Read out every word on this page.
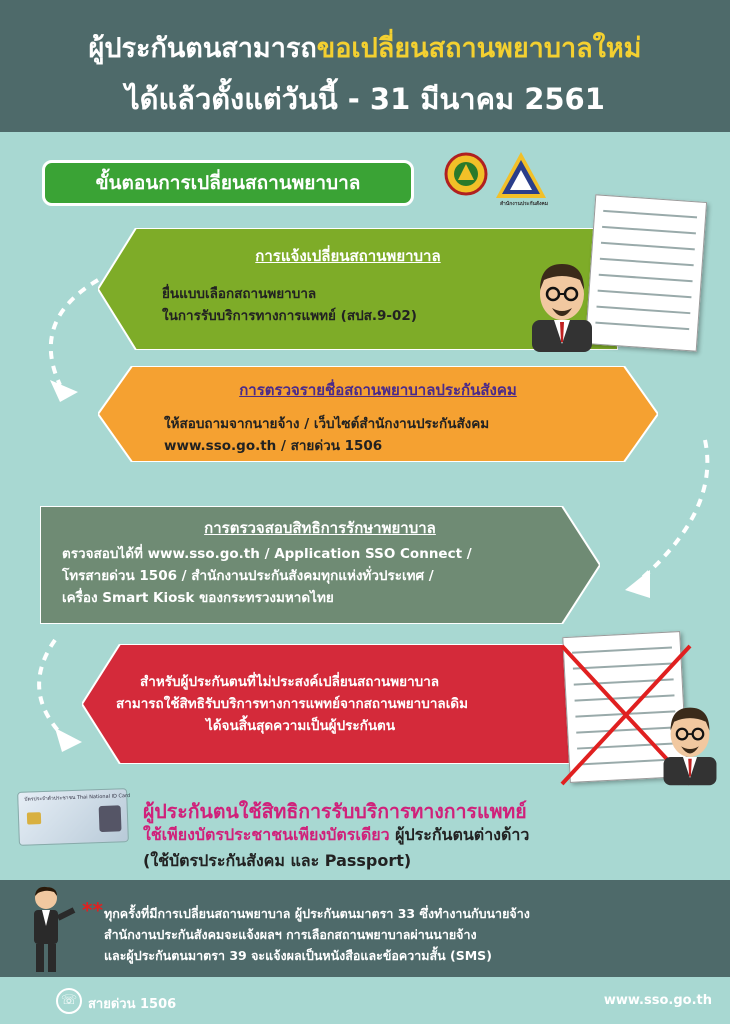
ผู้ประกันตนสามารถขอเปลี่ยนสถานพยาบาลใหม่
ได้แล้วตั้งแต่วันนี้ - 31 มีนาคม 2561
ขั้นตอนการเปลี่ยนสถานพยาบาล
สำนักงานประกันสังคม
การแจ้งเปลี่ยนสถานพยาบาล
ยื่นแบบเลือกสถานพยาบาล
ในการรับบริการทางการแพทย์ (สปส.9-02)
การตรวจรายชื่อสถานพยาบาลประกันสังคม
ให้สอบถามจากนายจ้าง / เว็บไซต์สำนักงานประกันสังคม
www.sso.go.th / สายด่วน 1506
การตรวจสอบสิทธิการรักษาพยาบาล
ตรวจสอบได้ที่ www.sso.go.th / Application SSO Connect /
โทรสายด่วน 1506 / สำนักงานประกันสังคมทุกแห่งทั่วประเทศ /
เครื่อง Smart Kiosk ของกระทรวงมหาดไทย
สำหรับผู้ประกันตนที่ไม่ประสงค์เปลี่ยนสถานพยาบาล
สามารถใช้สิทธิรับบริการทางการแพทย์จากสถานพยาบาลเดิม
ได้จนสิ้นสุดความเป็นผู้ประกันตน
บัตรประจำตัวประชาชน Thai National ID Card
ผู้ประกันตนใช้สิทธิการรับบริการทางการแพทย์
ใช้เพียงบัตรประชาชนเพียงบัตรเดียว ผู้ประกันตนต่างด้าว
(ใช้บัตรประกันสังคม และ Passport)
** ทุกครั้งที่มีการเปลี่ยนสถานพยาบาล ผู้ประกันตนมาตรา 33 ซึ่งทำงานกับนายจ้าง
สำนักงานประกันสังคมจะแจ้งผลฯ การเลือกสถานพยาบาลผ่านนายจ้าง
และผู้ประกันตนมาตรา 39 จะแจ้งผลเป็นหนังสือและข้อความสั้น (SMS)
☏ สายด่วน 1506	www.sso.go.th
